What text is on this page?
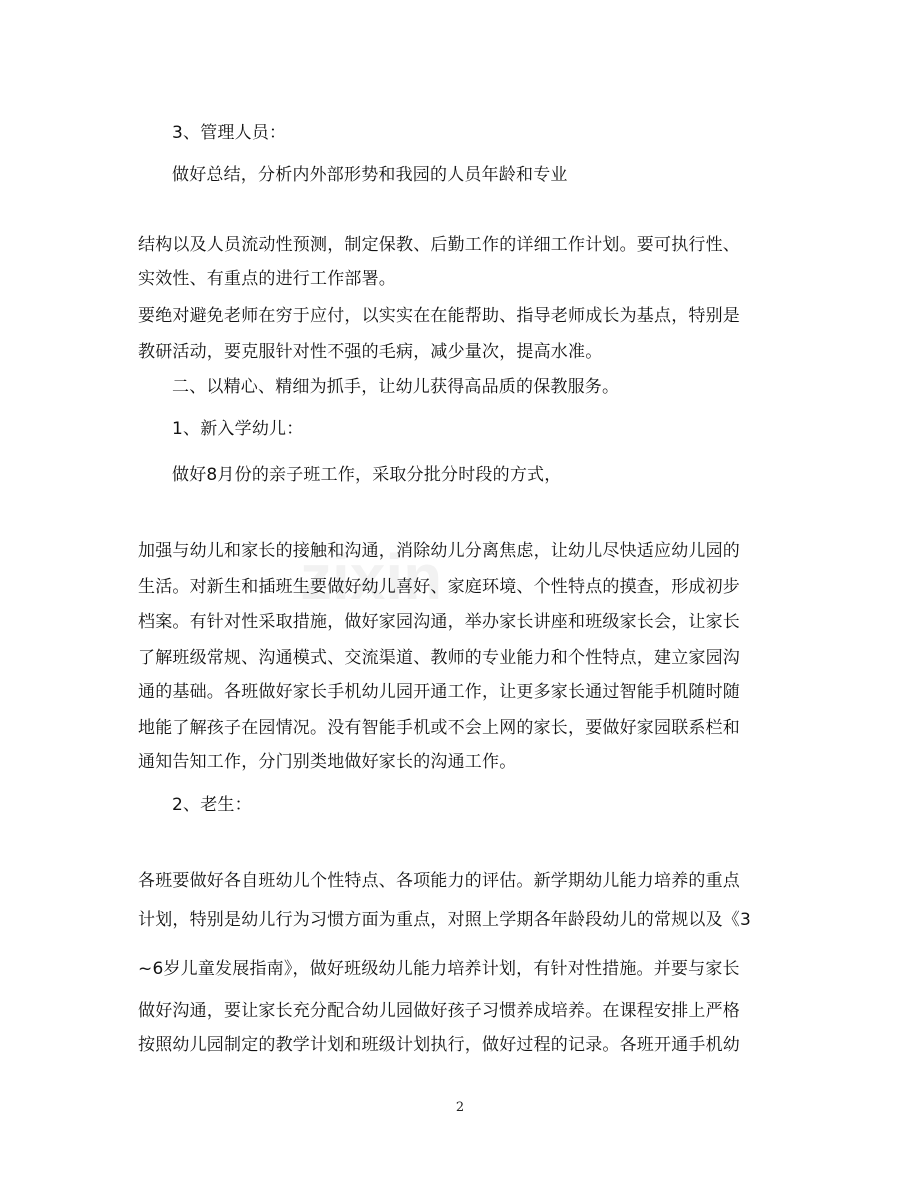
zixin
3、管理人员：
做好总结，分析内外部形势和我园的人员年龄和专业
结构以及人员流动性预测，制定保教、后勤工作的详细工作计划。要可执行性、
实效性、有重点的进行工作部署。
要绝对避免老师在穷于应付，以实实在在能帮助、指导老师成长为基点，特别是
教研活动，要克服针对性不强的毛病，减少量次，提高水准。
二、以精心、精细为抓手，让幼儿获得高品质的保教服务。
1、新入学幼儿：
做好8月份的亲子班工作，采取分批分时段的方式，
加强与幼儿和家长的接触和沟通，消除幼儿分离焦虑，让幼儿尽快适应幼儿园的
生活。对新生和插班生要做好幼儿喜好、家庭环境、个性特点的摸查，形成初步
档案。有针对性采取措施，做好家园沟通，举办家长讲座和班级家长会，让家长
了解班级常规、沟通模式、交流渠道、教师的专业能力和个性特点，建立家园沟
通的基础。各班做好家长手机幼儿园开通工作，让更多家长通过智能手机随时随
地能了解孩子在园情况。没有智能手机或不会上网的家长，要做好家园联系栏和
通知告知工作，分门别类地做好家长的沟通工作。
2、老生：
各班要做好各自班幼儿个性特点、各项能力的评估。新学期幼儿能力培养的重点
计划，特别是幼儿行为习惯方面为重点，对照上学期各年龄段幼儿的常规以及《3
~6岁儿童发展指南》，做好班级幼儿能力培养计划，有针对性措施。并要与家长
做好沟通，要让家长充分配合幼儿园做好孩子习惯养成培养。在课程安排上严格
按照幼儿园制定的教学计划和班级计划执行，做好过程的记录。各班开通手机幼
2
